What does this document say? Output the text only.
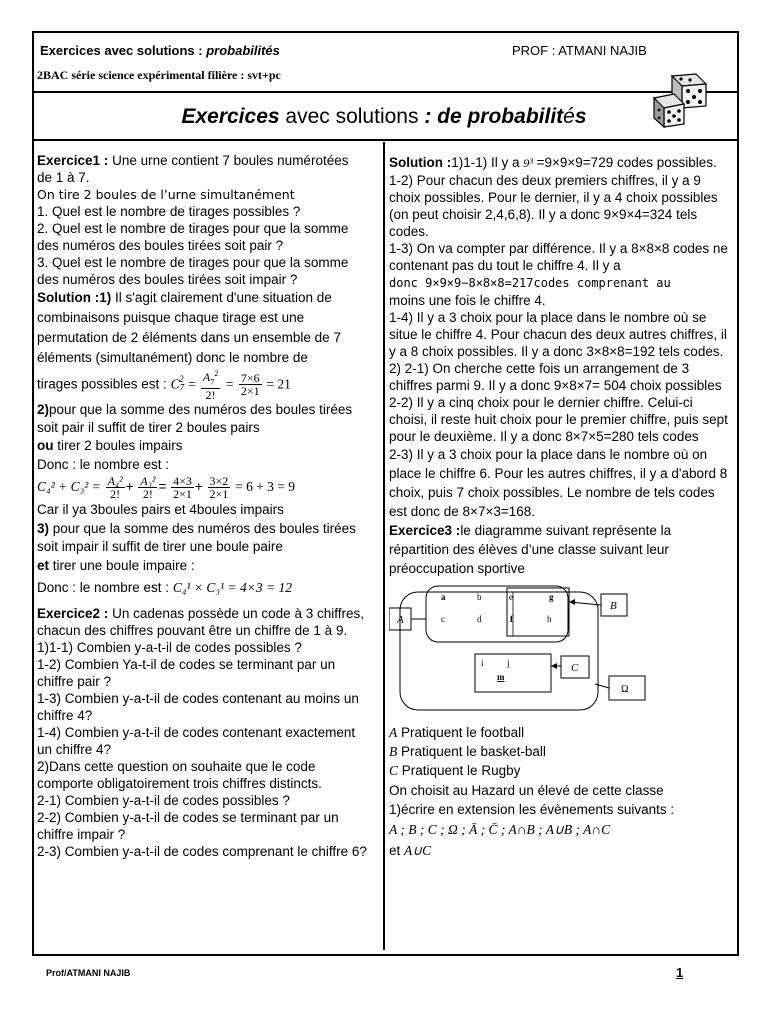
Exercices avec solutions : probabilités	PROF : ATMANI NAJIB
2BAC série science expérimental filière : svt+pc
Exercices avec solutions : de probabilités

Exercice1 : Une urne contient 7 boules numérotées de 1 à 7.

On tire 2 boules de l’urne simultanément

1. Quel est le nombre de tirages possibles ?

2. Quel est le nombre de tirages pour que la somme des numéros des boules tirées soit pair ?

3. Quel est le nombre de tirages pour que la somme des numéros des boules tirées soit impair ?

Solution :1) Il s'agit clairement d'une situation de combinaisons puisque chaque tirage est une permutation de 2 éléments dans un ensemble de 7 éléments (simultanément) donc le nombre de

tirages possibles est : $C7^2 = \frac{A_7^2}{2!} = \frac{7\times 6}{2\times 1} = 21$

2)pour que la somme des numéros des boules tirées soit pair il suffit de tirer 2 boules pairs

ou tirer 2 boules impairs

Donc : le nombre est :

$C_4^2 + C_3^2 = \frac{\text{A₄²}}{2!} + \frac{\text{A₃²}}{2!} = \frac{4\times 3}{2\times 1} + \frac{3\times 2}{2\times 1} = 6 + 3 = 9$

Car il ya 3boules pairs et 4boules impairs

3) pour que la somme des numéros des boules tirées soit impair il suffit de tirer une boule paire

et tirer une boule impaire :

Donc : le nombre est : C₄¹ × C₃¹ = 4×3 = 12

Exercice2 : Un cadenas possède un code à 3 chiffres, chacun des chiffres pouvant être un chiffre de 1 à 9.

1)1-1) Combien y-a-t-il de codes possibles ?

1-2) Combien Ya-t-il de codes se terminant par un chiffre pair ?

1-3) Combien y-a-t-il de codes contenant au moins un chiffre 4?

1-4) Combien y-a-t-il de codes contenant exactement un chiffre 4?

2)Dans cette question on souhaite que le code comporte obligatoirement trois chiffres distincts.

2-1) Combien y-a-t-il de codes possibles ?

2-2) Combien y-a-t-il de codes se terminant par un chiffre impair ?

2-3) Combien y-a-t-il de codes comprenant le chiffre 6?

Solution :1)1-1) Il y a 9³ =9×9×9=729 codes possibles.

1-2) Pour chacun des deux premiers chiffres, il y a 9 choix possibles. Pour le dernier, il y a 4 choix possibles (on peut choisir 2,4,6,8). Il y a donc 9×9×4=324 tels codes.

1-3) On va compter par différence. Il y a 8×8×8 codes ne contenant pas du tout le chiffre 4. Il y a
donc 9×9×9−8×8×8=217codes comprenant au
moins une fois le chiffre 4.

1-4) Il y a 3 choix pour la place dans le nombre où se situe le chiffre 4. Pour chacun des deux autres chiffres, il y a 8 choix possibles. Il y a donc 3×8×8=192 tels codes.

2) 2-1) On cherche cette fois un arrangement de 3 chiffres parmi 9. Il y a donc 9×8×7= 504 choix possibles

2-2) Il y a cinq choix pour le dernier chiffre. Celui-ci choisi, il reste huit choix pour le premier chiffre, puis sept pour le deuxième. Il y a donc 8×7×5=280 tels codes

2-3) Il y a 3 choix pour la place dans le nombre où on place le chiffre 6. Pour les autres chiffres, il y a d'abord 8 choix, puis 7 choix possibles. Le nombre de tels codes est donc de 8×7×3=168.

Exercice3 :le diagramme suivant représente la répartition des élèves d’une classe suivant leur préoccupation sportive

A
B
C
Ω
a	b	e	g
c	d	f	h
i	j
m

A Pratiquent le football

B Pratiquent le basket-ball

C Pratiquent le Rugby

On choisit au Hazard un élevé de cette classe

1)écrire en extension les évènements suivants :

A ; B ; C ; Ω ; Ā ; C̄ ; A∩B ; A∪B ; A∩C

et A∪C

Prof/ATMANI NAJIB	1
